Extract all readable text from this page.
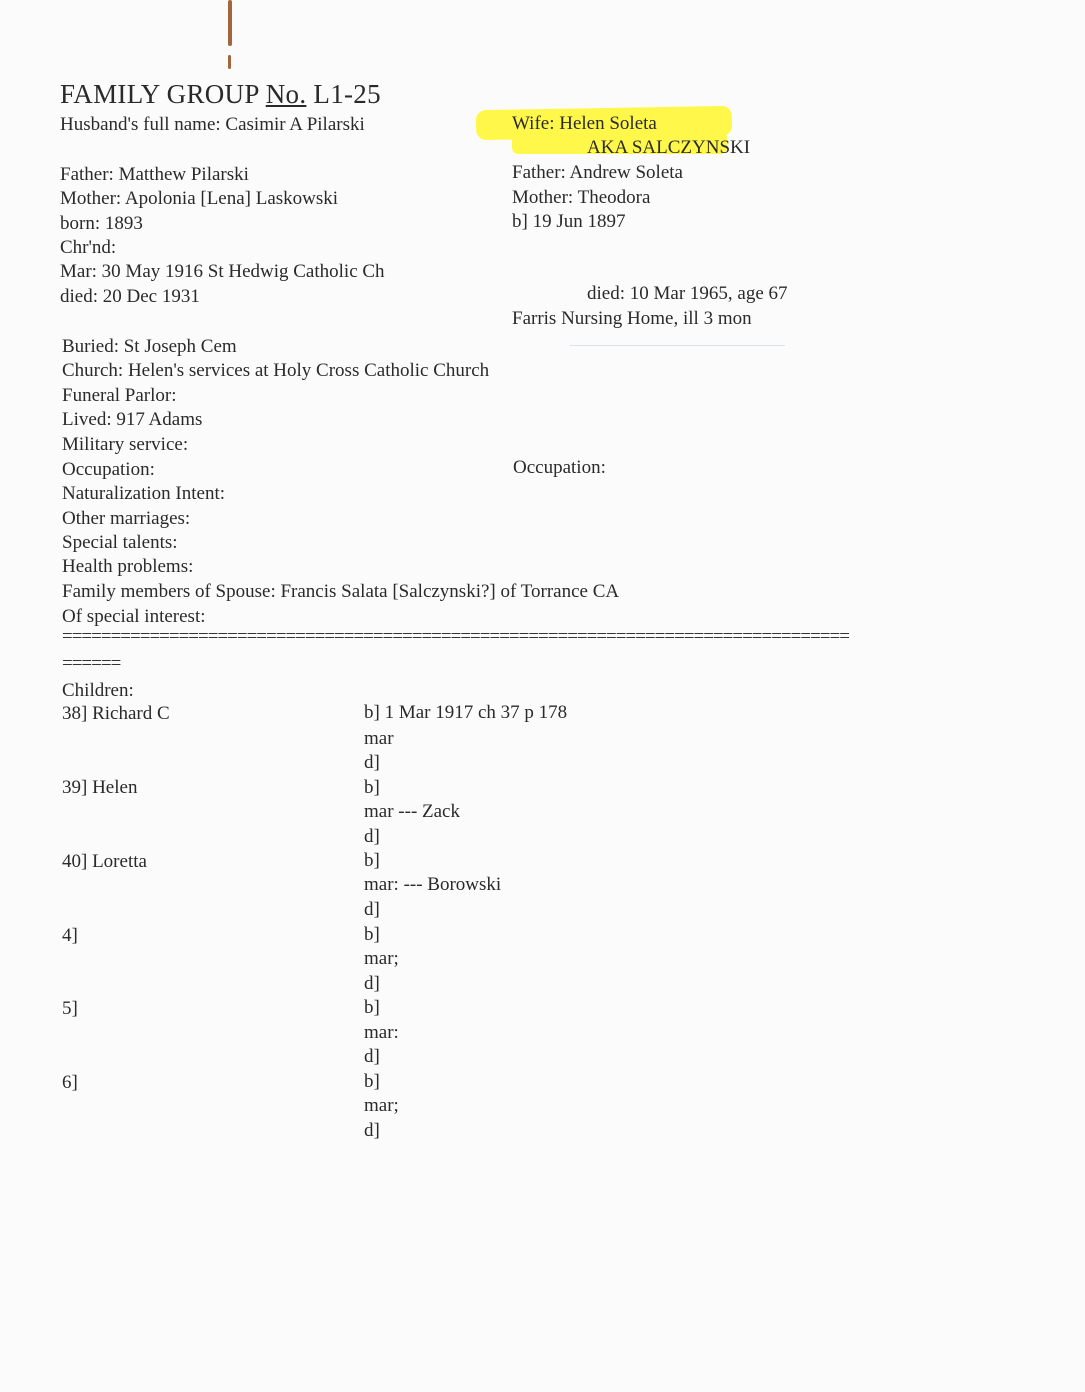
FAMILY GROUP No. L1-25
Husband's full name: Casimir A Pilarski
Father: Matthew Pilarski
Mother: Apolonia [Lena] Laskowski
born: 1893
Chr'nd:
Mar: 30 May 1916 St Hedwig Catholic Ch
died: 20 Dec 1931
Wife: Helen Soleta
AKA SALCZYNSKI
Father: Andrew Soleta
Mother: Theodora
b] 19 Jun 1897
died: 10 Mar 1965, age 67
Farris Nursing Home, ill 3 mon
Buried: St Joseph Cem
Church: Helen's services at Holy Cross Catholic Church
Funeral Parlor:
Lived: 917 Adams
Military service:
Occupation:	Occupation:
Naturalization Intent:
Other marriages:
Special talents:
Health problems:
Family members of Spouse: Francis Salata [Salczynski?] of Torrance CA
Of special interest:
=================================================================================
======
Children:
38] Richard C	b] 1 Mar 1917 ch 37 p 178
mar
d]
39] Helen	b]
mar --- Zack
d]
40] Loretta	b]
mar: --- Borowski
d]
4]	b]
mar;
d]
5]	b]
mar:
d]
6]	b]
mar;
d]
